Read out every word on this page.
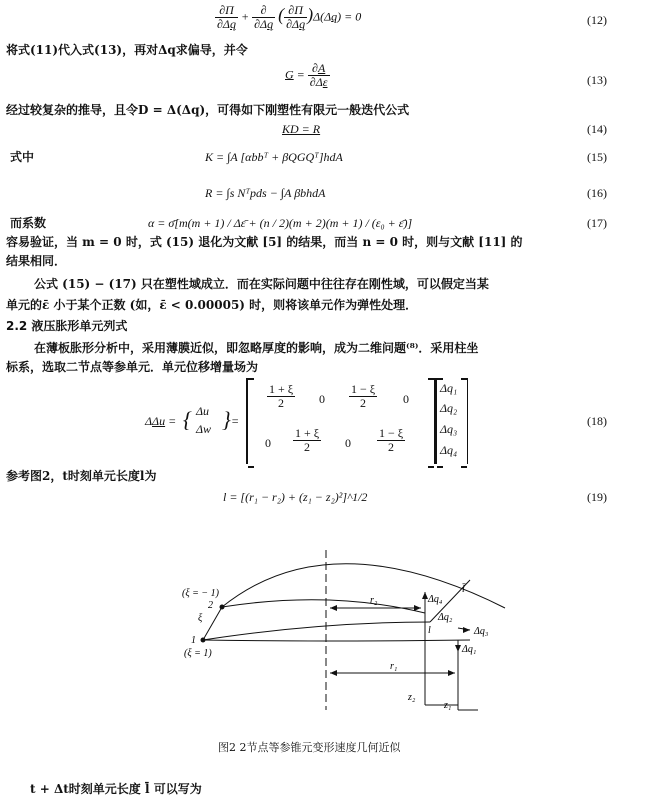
$\frac{\partial\Pi}{\partial\Delta q} + \frac{\partial}{\partial\Delta q}$ ( $\frac{\partial\Pi}{\partial\Delta q} )\Delta(\Delta q) = 0$	(12)
将式(11)代入式(13)，再对Δq求偏导，并令
$G = \frac{\partial A}{\partial\Delta\varepsilon}$	(13)
经过较复杂的推导，且令D = Δ(Δq)，可得如下刚塑性有限元一般迭代公式
KD = R	(14)
式中	K = ∫A [αbbᵀ + βQGQᵀ]hdA	(15)
R = ∫s Nᵀpds − ∫A βbhdA	(16)
而系数	α = σ̄[m(m + 1) / Δε̄ + (n / 2)(m + 2)(m + 1) / (ε₀ + ε̄)]	(17)
容易验证，当 m = 0 时，式 (15) 退化为文献 [5] 的结果，而当 n = 0 时，则与文献 [11] 的
结果相同．
公式 (15) − (17) 只在塑性域成立．而在实际问题中往往存在刚性域，可以假定当某
单元的ε̄ 小于某个正数 (如，ε̄ < 0.00005) 时，则将该单元作为弹性处理．
2.2 液压胀形单元列式
在薄板胀形分析中，采用薄膜近似，即忽略厚度的影响，成为二维问题⁽⁸⁾．采用柱坐
标系，选取二节点等参单元．单元位移增量场为
ΔΔu = { Δu
Δw } =
$\frac{1 + \xi}{2}$	0	$\frac{1 - \xi}{2}$	0
0	$\frac{1 + \xi}{2}$	0	$\frac{1 - \xi}{2}$
Δq₁
Δq₂
Δq₃
Δq₄
(18)
参考图2，t时刻单元长度l为
l = [(r₁ − r₂) + (z₁ − z₂)²]^1/2	(19)
(ξ = − 1)
2
ξ
1
(ξ = 1)
r₂
r₁
z₂
z₁
Δq₄
Δq₂
Δq₃
Δq₁
l
l̄
图2 2节点等参锥元变形速度几何近似
t + Δt时刻单元长度 l̄ 可以写为
